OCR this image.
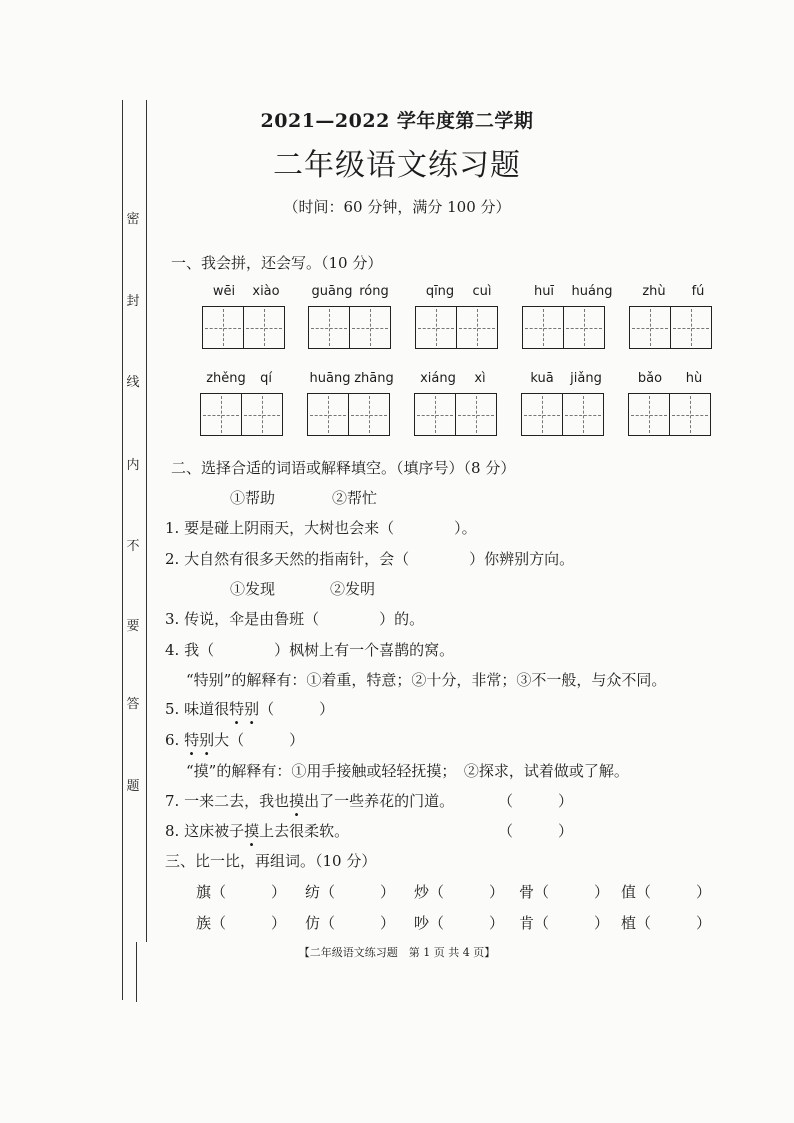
密
封
线
内
不
要
答
题
2021—2022 学年度第二学期
二年级语文练习题
（时间：60 分钟，满分 100 分）
一、我会拼，还会写。（10 分）
wēi	xiào	guāng róng	qīng	cuì	huī	huáng	zhù	fú
zhěng	qí	huāng zhāng	xiáng	xì	kuā	jiǎng	bǎo	hù
二、选择合适的词语或解释填空。（填序号）（8 分）
①帮助	②帮忙
1. 要是碰上阴雨天，大树也会来（　　　　）。
2. 大自然有很多天然的指南针，会（　　　　）你辨别方向。
①发现	②发明
3. 传说，伞是由鲁班（　　　　）的。
4. 我（　　　　）枫树上有一个喜鹊的窝。
“特别”的解释有：①着重，特意；②十分，非常；③不一般，与众不同。
5. 味道很特别（　　　）
6. 特别大（　　　）
“摸”的解释有：①用手接触或轻轻抚摸；　②探求，试着做或了解。
7. 一来二去，我也摸出了一些养花的门道。	（　　　）
8. 这床被子摸上去很柔软。	（　　　）
三、比一比，再组词。（10 分）
旗（　　　） 纺（　　　） 炒（　　　） 骨（　　　） 值（　　　）
族（　　　） 仿（　　　） 吵（　　　） 肯（　　　） 植（　　　）
【二年级语文练习题　第 1 页 共 4 页】
